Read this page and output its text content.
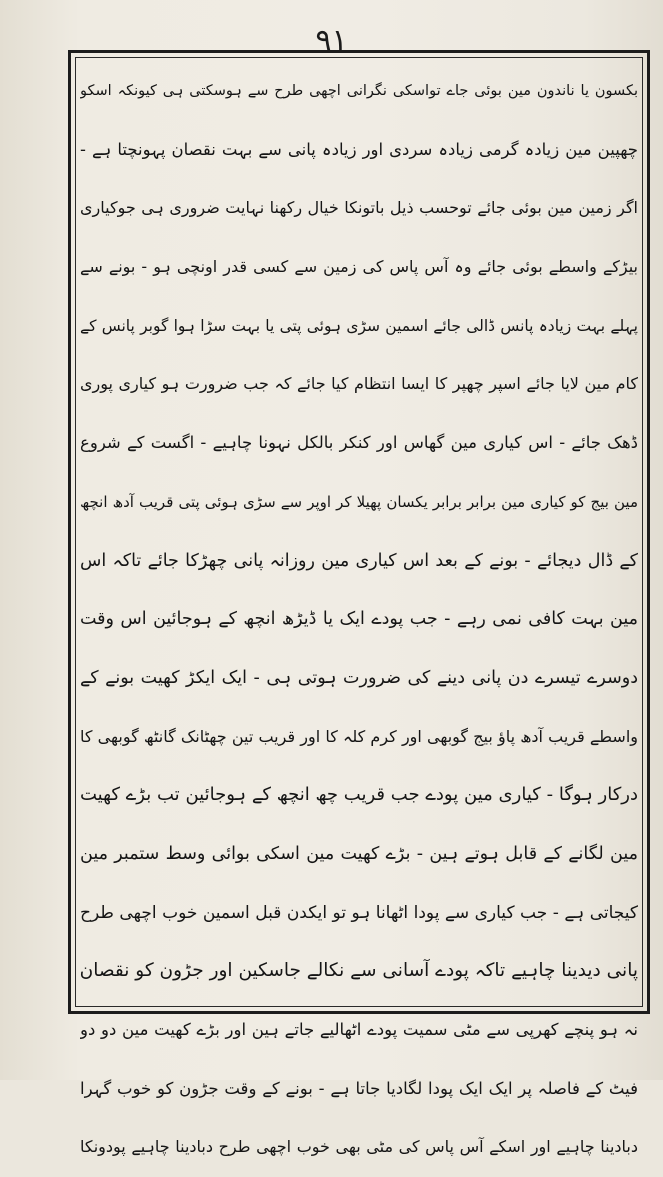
۹۱
بکسون یا ناندون مین بوئی جاے تواسکی نگرانی اچھی طرح سے ہوسکتی ہی کیونکہ اسکو
چھپین مین زیادہ گرمی زیادہ سردی اور زیادہ پانی سے بہت نقصان پہونچتا ہے -
اگر زمین مین بوئی جائے توحسب ذیل باتونکا خیال رکھنا نہایت ضروری ہی جوکیاری
بیڑکے واسطے بوئی جائے وہ آس پاس کی زمین سے کسی قدر اونچی ہو - بونے سے
پہلے بہت زیادہ پانس ڈالی جائے اسمین سڑی ہوئی پتی یا بہت سڑا ہوا گوبر پانس کے
کام مین لایا جائے اسپر چھپر کا ایسا انتظام کیا جائے کہ جب ضرورت ہو کیاری پوری
ڈھک جائے - اس کیاری مین گھاس اور کنکر بالکل نہونا چاہیے - اگست کے شروع
مین بیج کو کیاری مین برابر برابر یکسان پھیلا کر اوپر سے سڑی ہوئی پتی قریب آدھ انچھ
کے ڈال دیجائے - بونے کے بعد اس کیاری مین روزانہ پانی چھڑکا جائے تاکہ اس
مین بہت کافی نمی رہے - جب پودے ایک یا ڈیڑھ انچھ کے ہوجائین اس وقت
دوسرے تیسرے دن پانی دینے کی ضرورت ہوتی ہی - ایک ایکڑ کھیت بونے کے
واسطے قریب آدھ پاؤ بیج گوبھی اور کرم کلہ کا اور قریب تین چھٹانک گانٹھ گوبھی کا
درکار ہوگا - کیاری مین پودے جب قریب چھ انچھ کے ہوجائین تب بڑے کھیت
مین لگانے کے قابل ہوتے ہین - بڑے کھیت مین اسکی بوائی وسط ستمبر مین
کیجاتی ہے - جب کیاری سے پودا اٹھانا ہو تو ایکدن قبل اسمین خوب اچھی طرح
پانی دیدینا چاہیے تاکہ پودے آسانی سے نکالے جاسکین اور جڑون کو نقصان
نہ ہو پنچے کھرپی سے مٹی سمیت پودے اٹھالیے جاتے ہین اور بڑے کھیت مین دو دو
فیٹ کے فاصلہ پر ایک ایک پودا لگادیا جاتا ہے - بونے کے وقت جڑون کو خوب گہرا
دبادینا چاہیے اور اسکے آس پاس کی مٹی بھی خوب اچھی طرح دبادینا چاہیے پودونکا
